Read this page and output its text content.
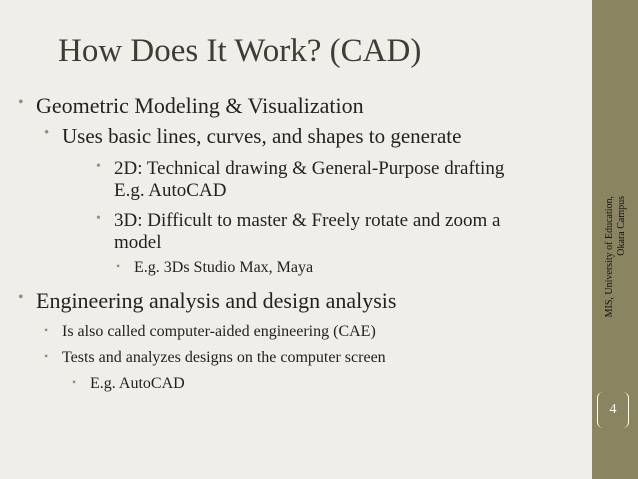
How Does It Work? (CAD)
• Geometric Modeling & Visualization
• Uses basic lines, curves, and shapes to generate
• 2D: Technical drawing & General-Purpose drafting E.g. AutoCAD
• 3D: Difficult to master & Freely rotate and zoom a model
• E.g. 3Ds Studio Max, Maya
• Engineering analysis and design analysis
• Is also called computer-aided engineering (CAE)
• Tests and analyzes designs on the computer screen
• E.g. AutoCAD
MIS, University of Education, Okara Campus
4
